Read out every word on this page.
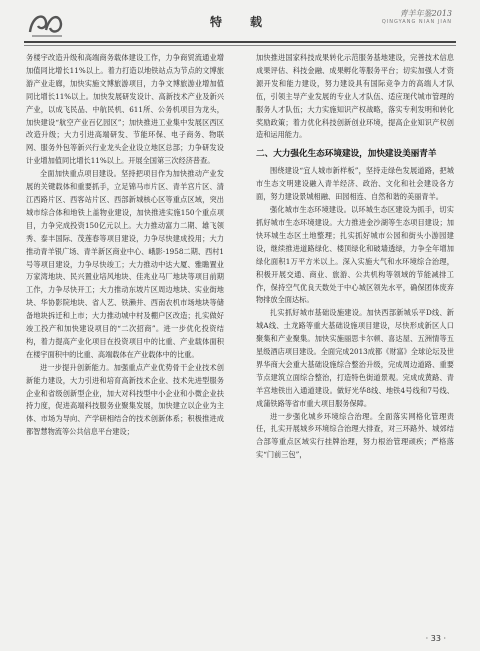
特　载
青羊年鉴2013
QINGYANG NIAN JIAN

务楼宇改造升级和高端商务载体建设工作，力争商贸流通业增加值同比增长11%以上。着力打造以地铁站点为节点的文博旅游产业走廊，加快实施文博旅游项目，力争文博旅游业增加值同比增长11%以上。加快发展研发设计、高新技术产业及新兴产业，以成飞民品、中航民机、611所、公务机项目为龙头，加快建设“航空产业百亿园区”；加快推进工业集中发展区西区改造升级；大力引进高端研发、节能环保、电子商务、物联网、服务外包等新兴行业龙头企业设立地区总部；力争研发设计业增加值同比增长11%以上。开展全国第三次经济普查。

全面加快重点项目建设。坚持把项目作为加快推动产业发展的关键载体和重要抓手，立足锦马市片区、青羊宫片区、清江西路片区、西客站片区、西部新城核心区等重点区域，突出城市综合体和地铁上盖物业建设，加快推进实施150个重点项目，力争完成投资150亿元以上。大力推动富力二期、雄飞领秀、泰丰国际、茂莲春等项目建设，力争尽快建成投用；大力推动青羊银广场、青羊新区商业中心、峨影·1958二期、西村1号等项目建设，力争尽快竣工；大力推动中达大厦、雅瞻置业万家湾地块、民兴置业培风地块、佳兆业马厂地块等项目前期工作，力争尽快开工；大力推动东坡片区周边地块、实业街地块、华协影院地块、省人艺、铁濑井、西南农机市场地块等储备地块拆迁和上市；大力推动城中村及棚户区改造；扎实做好竣工投产和加快建设项目的“二次招商”。进一步优化投资结构，着力提高产业化项目在投资项目中的比重、产业载体面积在楼宇面积中的比重、高端载体在产业载体中的比重。

进一步提升创新能力。加强重点产业优势骨干企业技术创新能力建设，大力引进和培育高新技术企业、技术先进型服务企业和省级创新型企业，加大对科技型中小企业和小微企业扶持力度，促进高端科技服务业聚集发展，加快建立以企业为主体、市场为导向、产学研相结合的技术创新体系；积极推进成都智慧物流等公共信息平台建设；

加快推进国家科技成果转化示范服务基地建设，完善技术信息成果评估、科技金融、成果孵化等服务平台；切实加强人才资源开发和能力建设，努力建设具有国际竞争力的高端人才队伍，引领主导产业发展的专业人才队伍、适应现代城市管理的服务人才队伍；大力实施知识产权战略，落实专利发明和转化奖励政策；着力优化科技创新创业环境，提高企业知识产权创造和运用能力。

二、大力强化生态环境建设，加快建设美丽青羊

围绕建设“宜人城市新样板”，坚持走绿色发展道路，把城市生态文明建设融入青羊经济、政治、文化和社会建设各方面，努力建设景城相融、田园相连、自然和谐的美丽青羊。

强化城市生态环境建设。以环城生态区建设为抓手，切实抓好城市生态环境建设。大力推进金沙湖等生态项目建设；加快环城生态区土地整理；扎实抓好城市公园和街头小游园建设，继续推进道路绿化、楼顶绿化和破墙透绿，力争全年增加绿化面积1万平方米以上。深入实施大气和水环境综合治理，积极开展交通、商业、旅游、公共机构等领域的节能减排工作，保持空气优良天数处于中心城区领先水平，确保团体废弃物排放全面达标。

扎实抓好城市基础设施建设。加快西部新城乐平D线、新城A线、土龙路等重大基础设施项目建设，尽快形成新区人口聚集和产业聚集。加快实施丽思卡尔顿、喜达屋、五洲情等五星级酒店项目建设。全面完成2013成都《财富》全球论坛及世界华商大会重大基础设施综合整治升级，完成周边道路、重要节点建筑立面综合整治，打造特色街道景观。完成成黄路、青羊宫地铁出入通道建设。做好光华8线、地铁4号线和7号线、成蒲铁路等省市重大项目服务保障。

进一步强化城乡环境综合治理。全面落实网格化管理责任，扎实开展城乡环境综合治理大排查，对三环路外、城郊结合部等重点区域实行挂牌治理，努力根治管理顽疾；严格落实“门前三包”，

· 33 ·
